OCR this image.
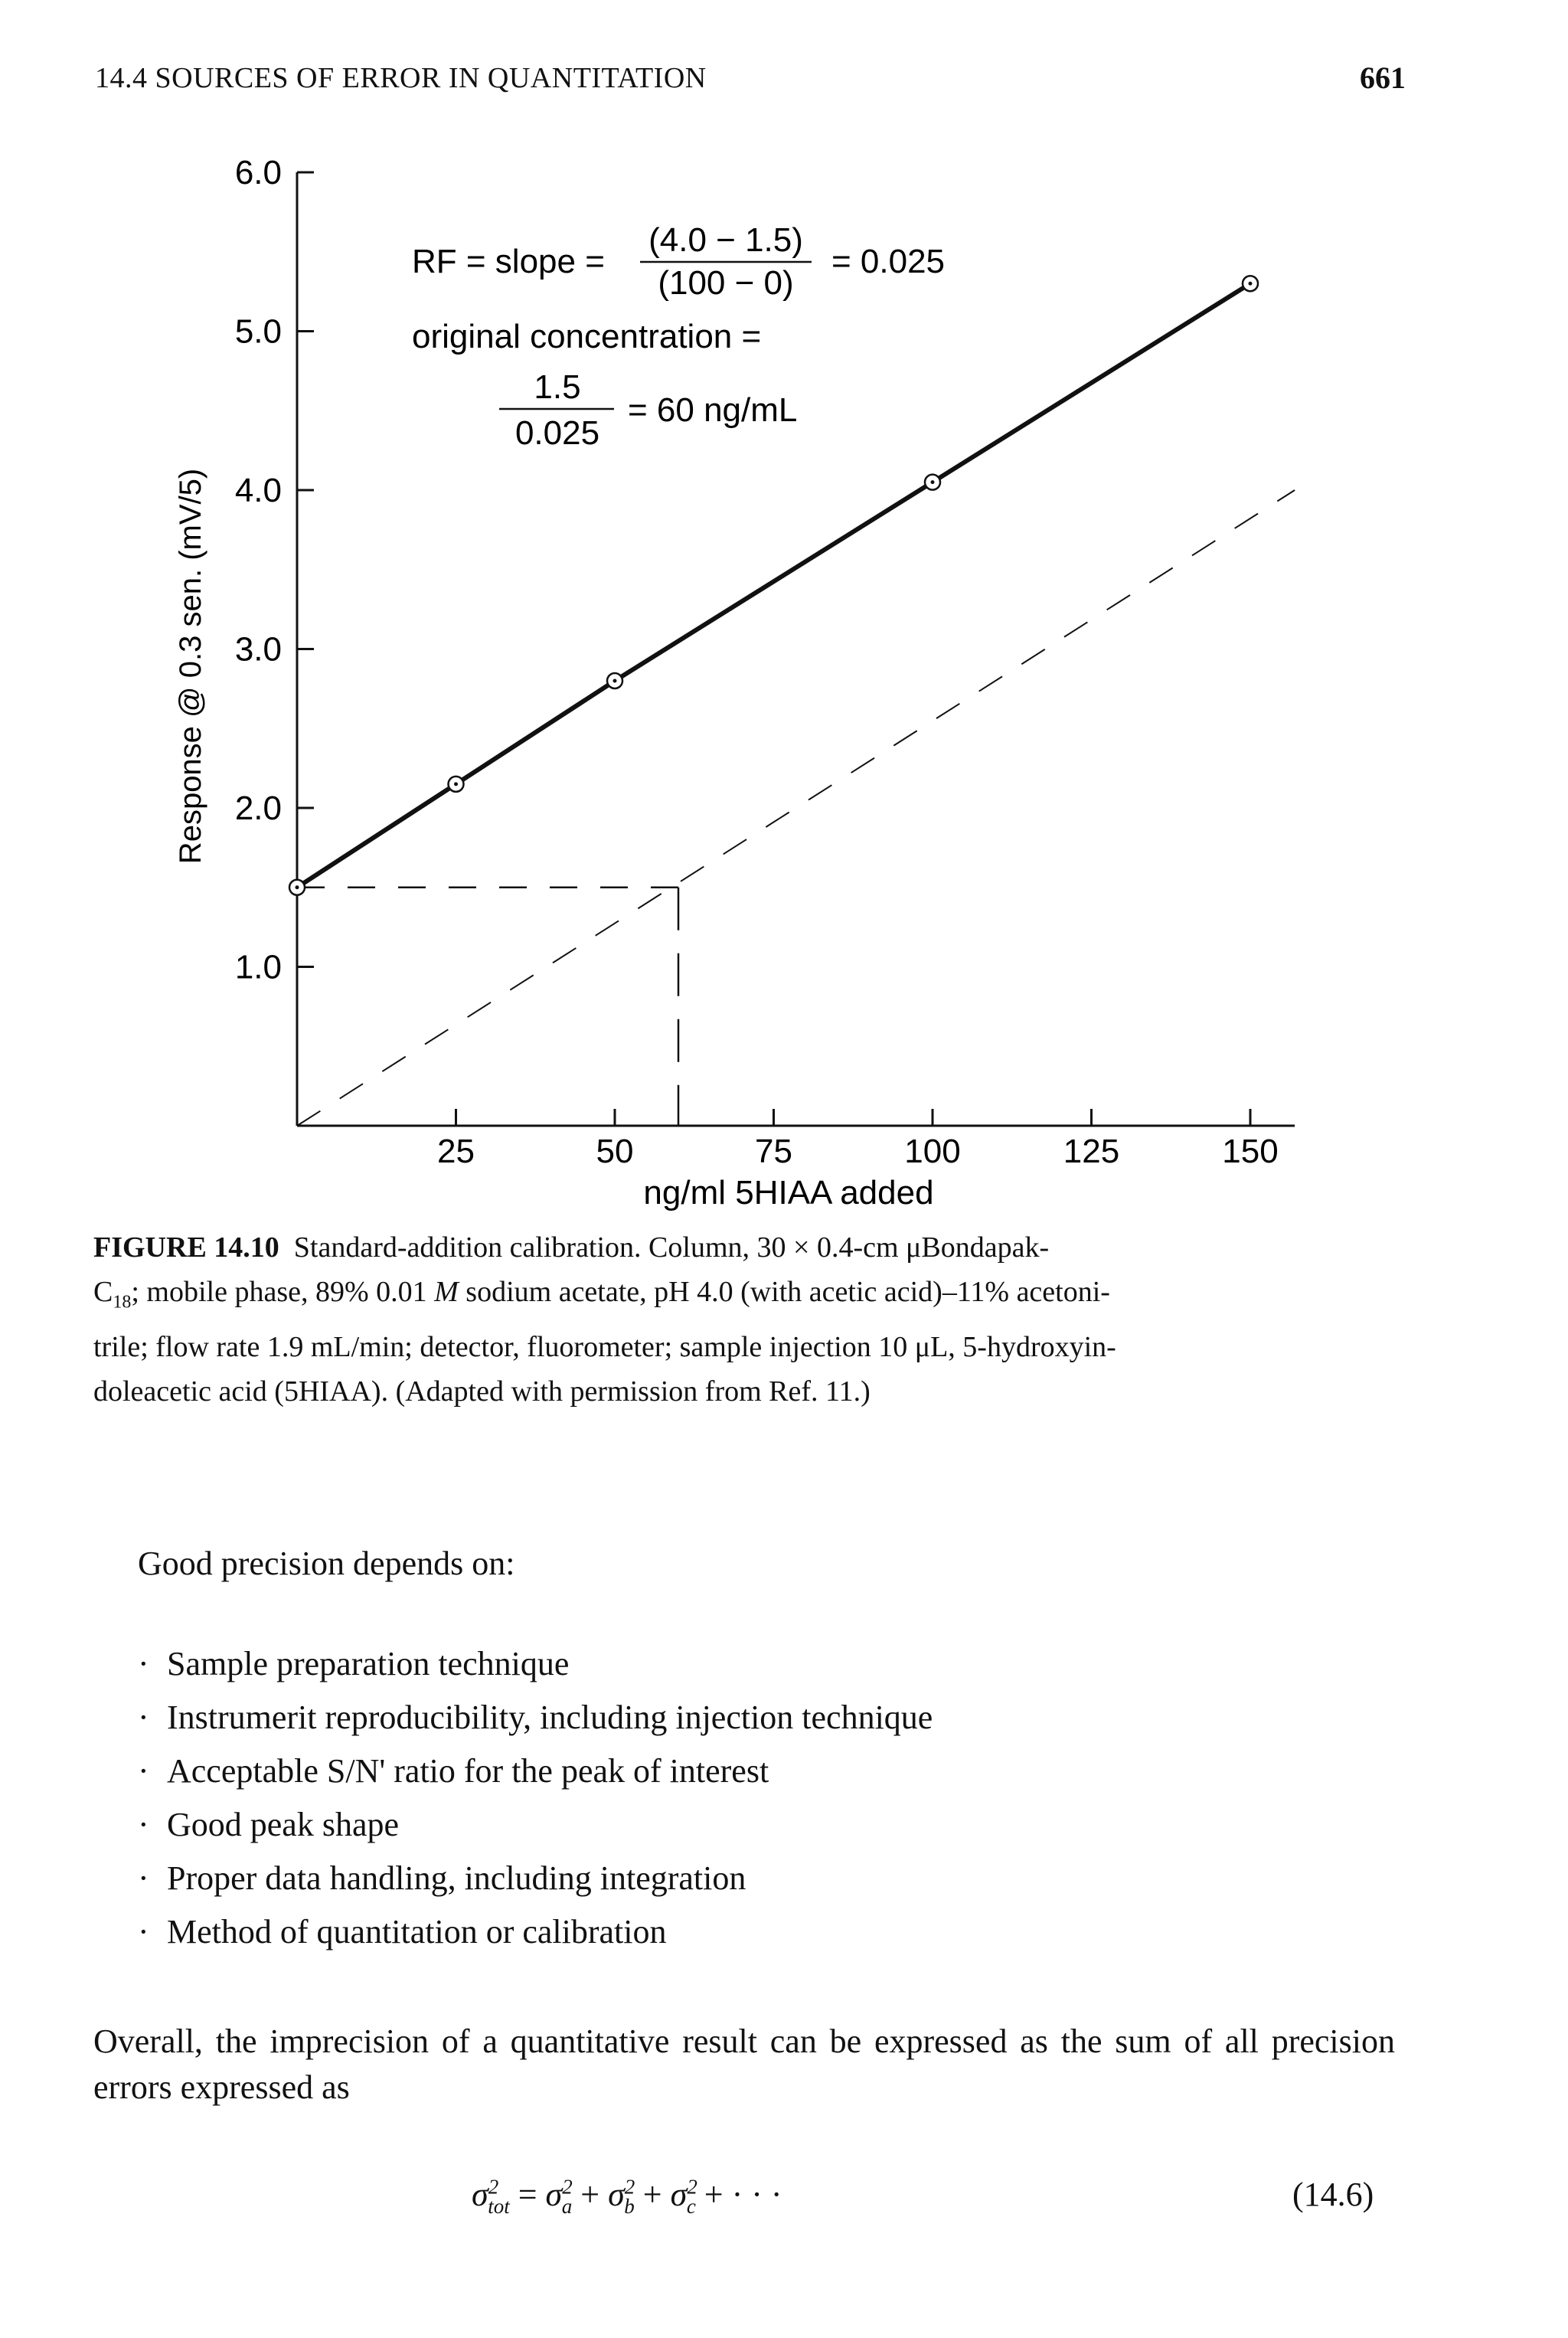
14.4 SOURCES OF ERROR IN QUANTITATION	661
1.0
2.0
3.0
4.0
5.0
6.0
25	50	75	100	125	150
Response @ 0.3 sen. (mV/5)
ng/ml 5HIAA added
RF = slope =
(4.0 − 1.5)
(100 − 0)
= 0.025
original concentration =
1.5
0.025
= 60 ng/mL
FIGURE 14.10 Standard-addition calibration. Column, 30 × 0.4-cm μBondapak-
$C_{18}$; mobile phase, 89% 0.01 M sodium acetate, pH 4.0 (with acetic acid)–11% acetoni-
trile; flow rate 1.9 mL/min; detector, fluorometer; sample injection 10 μL, 5-hydroxyin-
doleacetic acid (5HIAA). (Adapted with permission from Ref. 11.)
Good precision depends on:
· Sample preparation technique
· Instrumerit reproducibility, including injection technique
· Acceptable S/N' ratio for the peak of interest
· Good peak shape
· Proper data handling, including integration
· Method of quantitation or calibration
Overall, the imprecision of a quantitative result can be expressed as the sum of all precision errors expressed as
$\sigma^2_{tot} = \sigma^2_a + \sigma^2_b + \sigma^2_c$ + · · ·	(14.6)
